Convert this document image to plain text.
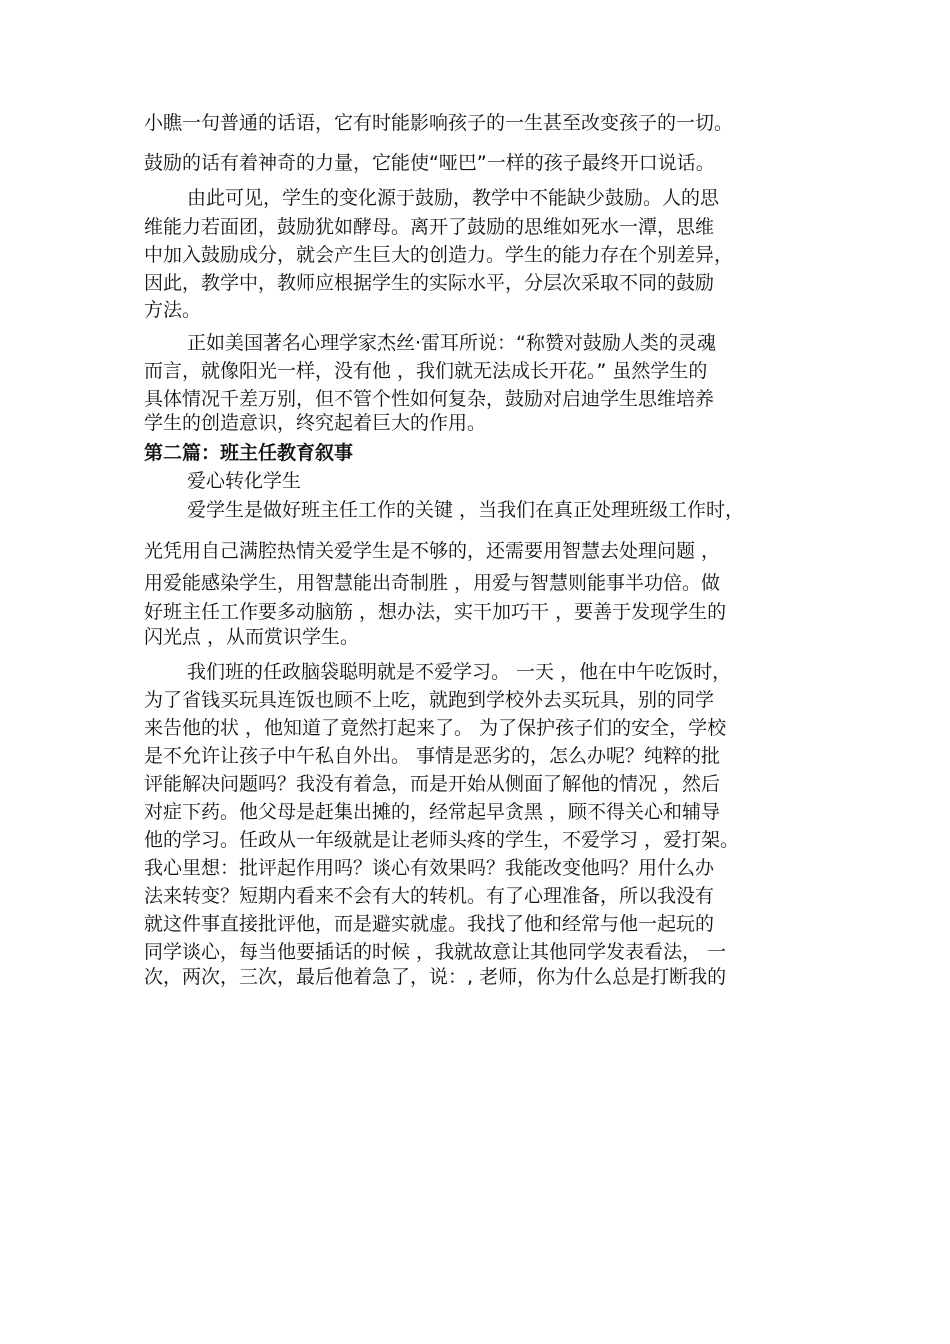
小瞧一句普通的话语，它有时能影响孩子的一生甚至改变孩子的一切。
鼓励的话有着神奇的力量，它能使“哑巴”一样的孩子最终开口说话。
由此可见，学生的变化源于鼓励，教学中不能缺少鼓励。人的思
维能力若面团，鼓励犹如酵母。离开了鼓励的思维如死水一潭，思维
中加入鼓励成分，就会产生巨大的创造力。学生的能力存在个别差异，
因此，教学中，教师应根据学生的实际水平，分层次采取不同的鼓励
方法。
正如美国著名心理学家杰丝·雷耳所说：“称赞对鼓励人类的灵魂
而言，就像阳光一样，没有他 ，我们就无法成长开花。” 虽然学生的
具体情况千差万别，但不管个性如何复杂，鼓励对启迪学生思维培养
学生的创造意识，终究起着巨大的作用。
第二篇：班主任教育叙事
爱心转化学生
爱学生是做好班主任工作的关键 ，当我们在真正处理班级工作时，
光凭用自己满腔热情关爱学生是不够的，还需要用智慧去处理问题 ，
用爱能感染学生，用智慧能出奇制胜 ，用爱与智慧则能事半功倍。做
好班主任工作要多动脑筋 ，想办法，实干加巧干 ，要善于发现学生的
闪光点 ，从而赏识学生。
我们班的任政脑袋聪明就是不爱学习。 一天 ，他在中午吃饭时，
为了省钱买玩具连饭也顾不上吃，就跑到学校外去买玩具，别的同学
来告他的状 ，他知道了竟然打起来了。 为了保护孩子们的安全，学校
是不允许让孩子中午私自外出。 事情是恶劣的，怎么办呢？纯粹的批
评能解决问题吗？我没有着急，而是开始从侧面了解他的情况 ，然后
对症下药。他父母是赶集出摊的，经常起早贪黑 ，顾不得关心和辅导
他的学习。任政从一年级就是让老师头疼的学生，不爱学习 ，爱打架。
我心里想：批评起作用吗？谈心有效果吗？我能改变他吗？用什么办
法来转变？短期内看来不会有大的转机。有了心理准备，所以我没有
就这件事直接批评他，而是避实就虚。我找了他和经常与他一起玩的
同学谈心，每当他要插话的时候 ，我就故意让其他同学发表看法， 一
次，两次，三次，最后他着急了，说：, 老师，你为什么总是打断我的
